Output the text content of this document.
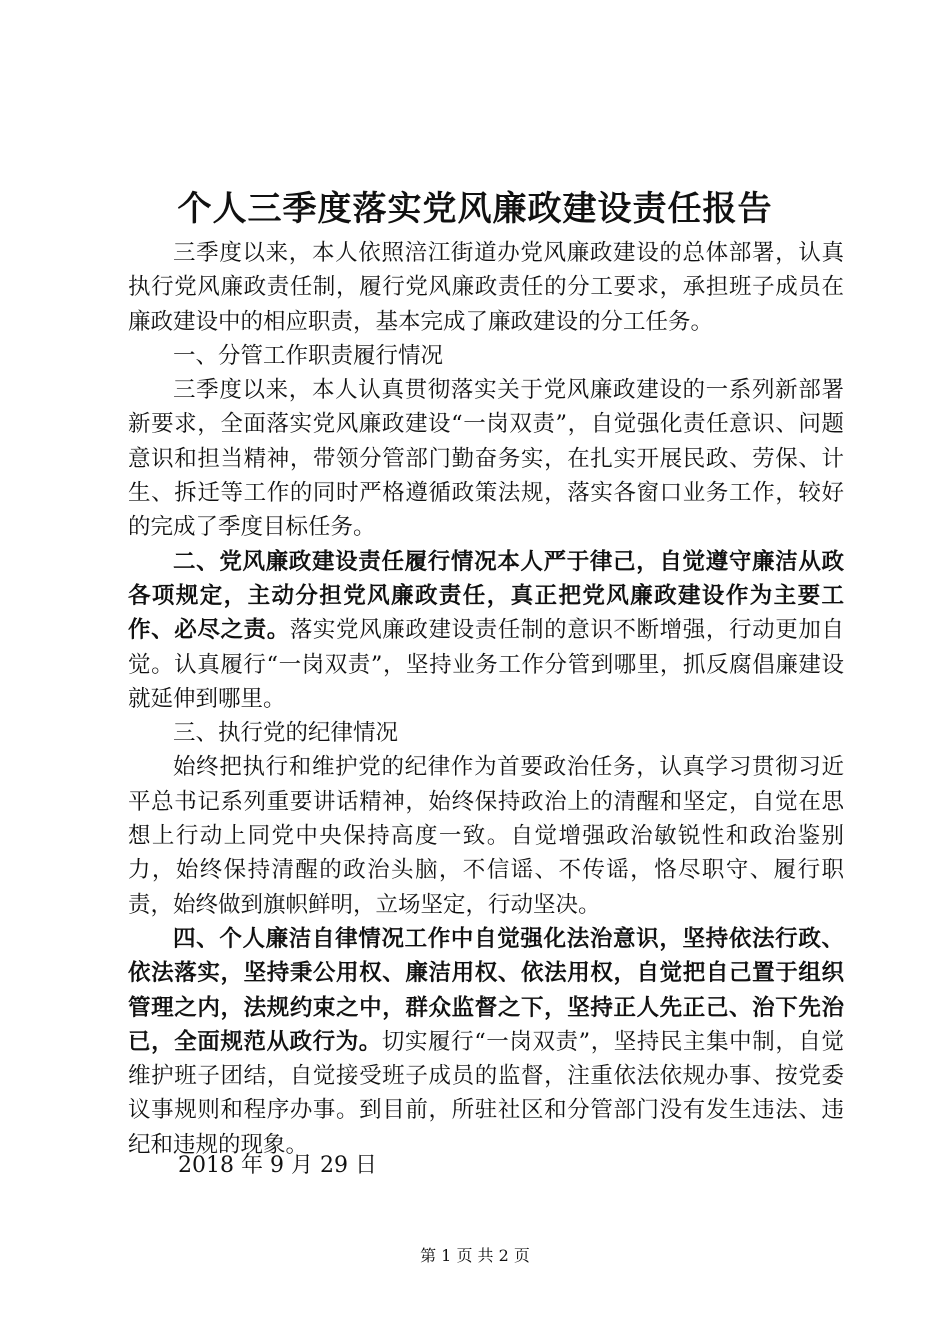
个人三季度落实党风廉政建设责任报告

三季度以来，本人依照涪江街道办党风廉政建设的总体部署，认真执行党风廉政责任制，履行党风廉政责任的分工要求，承担班子成员在廉政建设中的相应职责，基本完成了廉政建设的分工任务。

一、分管工作职责履行情况

三季度以来，本人认真贯彻落实关于党风廉政建设的一系列新部署新要求，全面落实党风廉政建设“一岗双责”，自觉强化责任意识、问题意识和担当精神，带领分管部门勤奋务实，在扎实开展民政、劳保、计生、拆迁等工作的同时严格遵循政策法规，落实各窗口业务工作，较好的完成了季度目标任务。

二、党风廉政建设责任履行情况本人严于律己，自觉遵守廉洁从政各项规定，主动分担党风廉政责任，真正把党风廉政建设作为主要工作、必尽之责。落实党风廉政建设责任制的意识不断增强，行动更加自觉。认真履行“一岗双责”，坚持业务工作分管到哪里，抓反腐倡廉建设就延伸到哪里。

三、执行党的纪律情况

始终把执行和维护党的纪律作为首要政治任务，认真学习贯彻习近平总书记系列重要讲话精神，始终保持政治上的清醒和坚定，自觉在思想上行动上同党中央保持高度一致。自觉增强政治敏锐性和政治鉴别力，始终保持清醒的政治头脑，不信谣、不传谣，恪尽职守、履行职责，始终做到旗帜鲜明，立场坚定，行动坚决。

四、个人廉洁自律情况工作中自觉强化法治意识，坚持依法行政、依法落实，坚持秉公用权、廉洁用权、依法用权，自觉把自己置于组织管理之内，法规约束之中，群众监督之下，坚持正人先正己、治下先治已，全面规范从政行为。切实履行“一岗双责”，坚持民主集中制，自觉维护班子团结，自觉接受班子成员的监督，注重依法依规办事、按党委议事规则和程序办事。到目前，所驻社区和分管部门没有发生违法、违纪和违规的现象。

2018 年 9 月 29 日
第 1 页 共 2 页
